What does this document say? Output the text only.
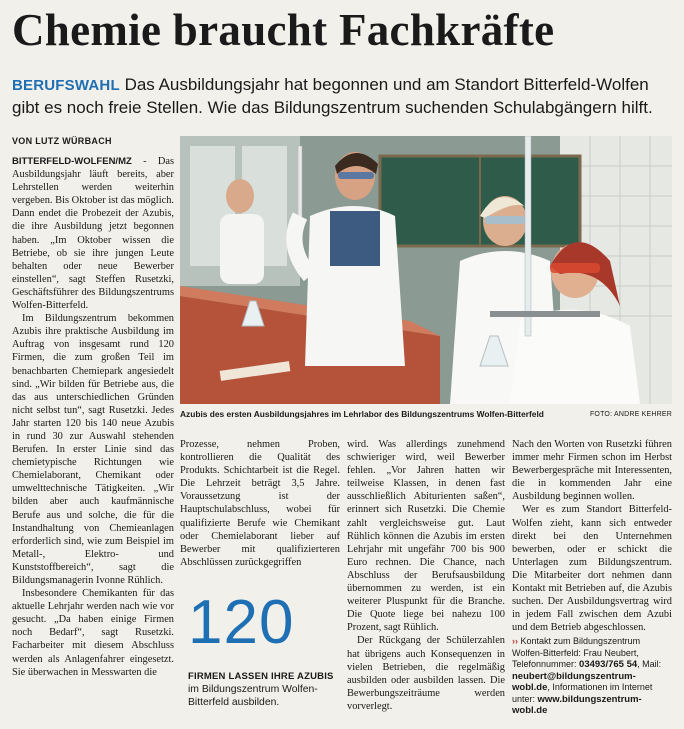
Chemie braucht Fachkräfte
BERUFSWAHL Das Ausbildungsjahr hat begonnen und am Standort Bitterfeld-Wolfen gibt es noch freie Stellen. Wie das Bildungszentrum suchenden Schulabgängern hilft.
VON LUTZ WÜRBACH

BITTERFELD-WOLFEN/MZ - Das Ausbildungsjahr läuft bereits, aber Lehrstellen werden weiterhin vergeben. Bis Oktober ist das möglich. Dann endet die Probezeit der Azubis, die ihre Ausbildung jetzt begonnen haben. „Im Oktober wissen die Betriebe, ob sie ihre jungen Leute behalten oder neue Bewerber einstellen“, sagt Steffen Rusetzki, Geschäftsführer des Bildungszentrums Wolfen-Bitterfeld.

Im Bildungszentrum bekommen Azubis ihre praktische Ausbildung im Auftrag von insgesamt rund 120 Firmen, die zum großen Teil im benachbarten Chemiepark angesiedelt sind. „Wir bilden für Betriebe aus, die das aus unterschiedlichen Gründen nicht selbst tun“, sagt Rusetzki. Jedes Jahr starten 120 bis 140 neue Azubis in rund 30 zur Auswahl stehenden Berufen. In erster Linie sind das chemietypische Richtungen wie Chemielaborant, Chemikant oder umwelttechnische Tätigkeiten. „Wir bilden aber auch kaufmännische Berufe aus und solche, die für die Instandhaltung von Chemieanlagen erforderlich sind, wie zum Beispiel im Metall-, Elektro- und Kunststoffbereich“, sagt die Bildungsmanagerin Ivonne Rühlich.

Insbesondere Chemikanten für das aktuelle Lehrjahr werden nach wie vor gesucht. „Da haben einige Firmen noch Bedarf“, sagt Rusetzki. Facharbeiter mit diesem Abschluss werden als Anlagenfahrer eingesetzt. Sie überwachen in Messwarten die

Azubis des ersten Ausbildungsjahres im Lehrlabor des Bildungszentrums Wolfen-Bitterfeld	FOTO: ANDRE KEHRER

Prozesse, nehmen Proben, kontrollieren die Qualität des Produkts. Schichtarbeit ist die Regel. Die Lehrzeit beträgt 3,5 Jahre. Voraussetzung ist der Hauptschulabschluss, wobei für qualifizierte Berufe wie Chemikant oder Chemielaborant lieber auf Bewerber mit qualifizierteren Abschlüssen zurückgegriffen

120
FIRMEN LASSEN IHRE AZUBIS im Bildungszentrum Wolfen-Bitterfeld ausbilden.

wird. Was allerdings zunehmend schwieriger wird, weil Bewerber fehlen. „Vor Jahren hatten wir teilweise Klassen, in denen fast ausschließlich Abiturienten saßen“, erinnert sich Rusetzki. Die Chemie zahlt vergleichsweise gut. Laut Rühlich können die Azubis im ersten Lehrjahr mit ungefähr 700 bis 900 Euro rechnen. Die Chance, nach Abschluss der Berufsausbildung übernommen zu werden, ist ein weiterer Pluspunkt für die Branche. Die Quote liege bei nahezu 100 Prozent, sagt Rühlich.

Der Rückgang der Schülerzahlen hat übrigens auch Konsequenzen in vielen Betrieben, die regelmäßig ausbilden oder ausbilden lassen. Die Bewerbungszeiträume werden vorverlegt.

Nach den Worten von Rusetzki führen immer mehr Firmen schon im Herbst Bewerbergespräche mit Interessenten, die in kommenden Jahr eine Ausbildung beginnen wollen.

Wer es zum Standort Bitterfeld-Wolfen zieht, kann sich entweder direkt bei den Unternehmen bewerben, oder er schickt die Unterlagen zum Bildungszentrum. Die Mitarbeiter dort nehmen dann Kontakt mit Betrieben auf, die Azubis suchen. Der Ausbildungsvertrag wird in jedem Fall zwischen dem Azubi und dem Betrieb abgeschlossen.

›› Kontakt zum Bildungszentrum Wolfen-Bitterfeld: Frau Neubert, Telefonnummer: 03493/765 54, Mail: neubert@bildungszentrum-wobl.de, Informationen im Internet unter: www.bildungszentrum-wobl.de
